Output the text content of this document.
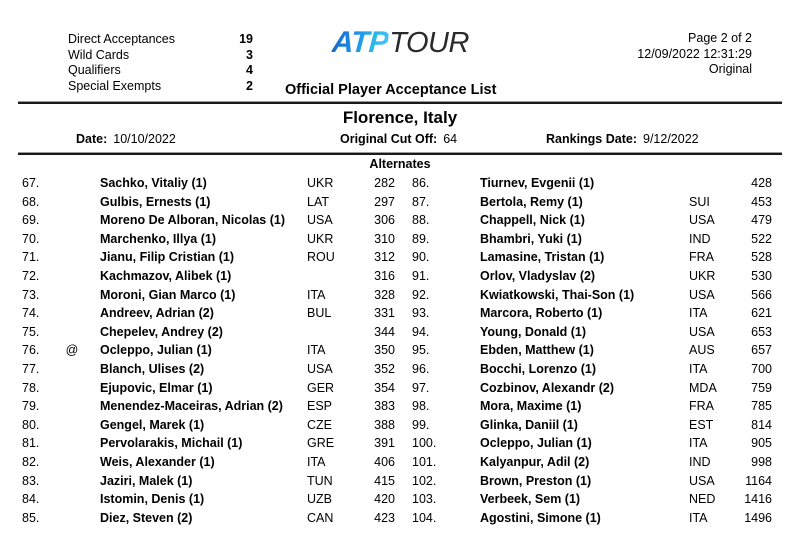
Direct Acceptances	19
Wild Cards	3
Qualifiers	4
Special Exempts	2
ATP TOUR	Page 2 of 2
12/09/2022 12:31:29
Original
Official Player Acceptance List
Florence, Italy
Date: 10/10/2022	Original Cut Off: 64	Rankings Date: 9/12/2022
Alternates
67.	Sachko, Vitaliy (1)	UKR	282
68.	Gulbis, Ernests (1)	LAT	297
69.	Moreno De Alboran, Nicolas (1) USA	306
70.	Marchenko, Illya (1)	UKR	310
71.	Jianu, Filip Cristian (1)	ROU	312
72.	Kachmazov, Alibek (1)	316
73.	Moroni, Gian Marco (1)	ITA	328
74.	Andreev, Adrian (2)	BUL	331
75.	Chepelev, Andrey (2)	344
76.	@ Ocleppo, Julian (1)	ITA	350
77.	Blanch, Ulises (2)	USA	352
78.	Ejupovic, Elmar (1)	GER	354
79.	Menendez-Maceiras, Adrian (2) ESP	383
80.	Gengel, Marek (1)	CZE	388
81.	Pervolarakis, Michail (1)	GRE	391
82.	Weis, Alexander (1)	ITA	406
83.	Jaziri, Malek (1)	TUN	415
84.	Istomin, Denis (1)	UZB	420
85.	Diez, Steven (2)	CAN	423
86.	Tiurnev, Evgenii (1)	428
87.	Bertola, Remy (1)	SUI	453
88.	Chappell, Nick (1)	USA	479
89.	Bhambri, Yuki (1)	IND	522
90.	Lamasine, Tristan (1)	FRA	528
91.	Orlov, Vladyslav (2)	UKR	530
92.	Kwiatkowski, Thai-Son (1)	USA	566
93.	Marcora, Roberto (1)	ITA	621
94.	Young, Donald (1)	USA	653
95.	Ebden, Matthew (1)	AUS	657
96.	Bocchi, Lorenzo (1)	ITA	700
97.	Cozbinov, Alexandr (2)	MDA	759
98.	Mora, Maxime (1)	FRA	785
99.	Glinka, Daniil (1)	EST	814
100.	Ocleppo, Julian (1)	ITA	905
101.	Kalyanpur, Adil (2)	IND	998
102.	Brown, Preston (1)	USA	1164
103.	Verbeek, Sem (1)	NED	1416
104.	Agostini, Simone (1)	ITA	1496
